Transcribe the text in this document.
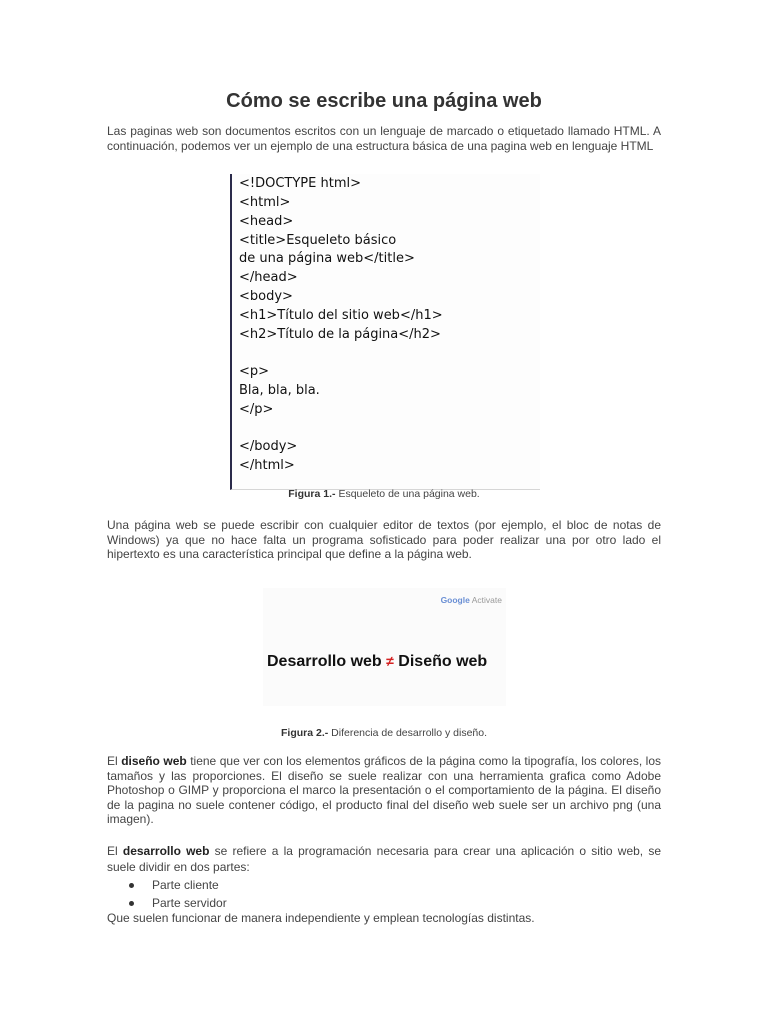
Cómo se escribe una página web
Las paginas web son documentos escritos con un lenguaje de marcado o etiquetado llamado HTML. A continuación, podemos ver un ejemplo de una estructura básica de una pagina web en lenguaje HTML
<!DOCTYPE html>
<html>
<head>
<title>Esqueleto básico
de una página web</title>
</head>
<body>
<h1>Título del sitio web</h1>
<h2>Título de la página</h2>
<p>
Bla, bla, bla.
</p>
</body>
</html>
Figura 1.- Esqueleto de una página web.
Una página web se puede escribir con cualquier editor de textos (por ejemplo, el bloc de notas de Windows) ya que no hace falta un programa sofisticado para poder realizar una por otro lado el hipertexto es una característica principal que define a la página web.
Google Activate
Desarrollo web ≠ Diseño web
Figura 2.- Diferencia de desarrollo y diseño.
El diseño web tiene que ver con los elementos gráficos de la página como la tipografía, los colores, los tamaños y las proporciones. El diseño se suele realizar con una herramienta grafica como Adobe Photoshop o GIMP y proporciona el marco la presentación o el comportamiento de la página. El diseño de la pagina no suele contener código, el producto final del diseño web suele ser un archivo png (una imagen).
El desarrollo web se refiere a la programación necesaria para crear una aplicación o sitio web, se suele dividir en dos partes:
Parte cliente
Parte servidor
Que suelen funcionar de manera independiente y emplean tecnologías distintas.
